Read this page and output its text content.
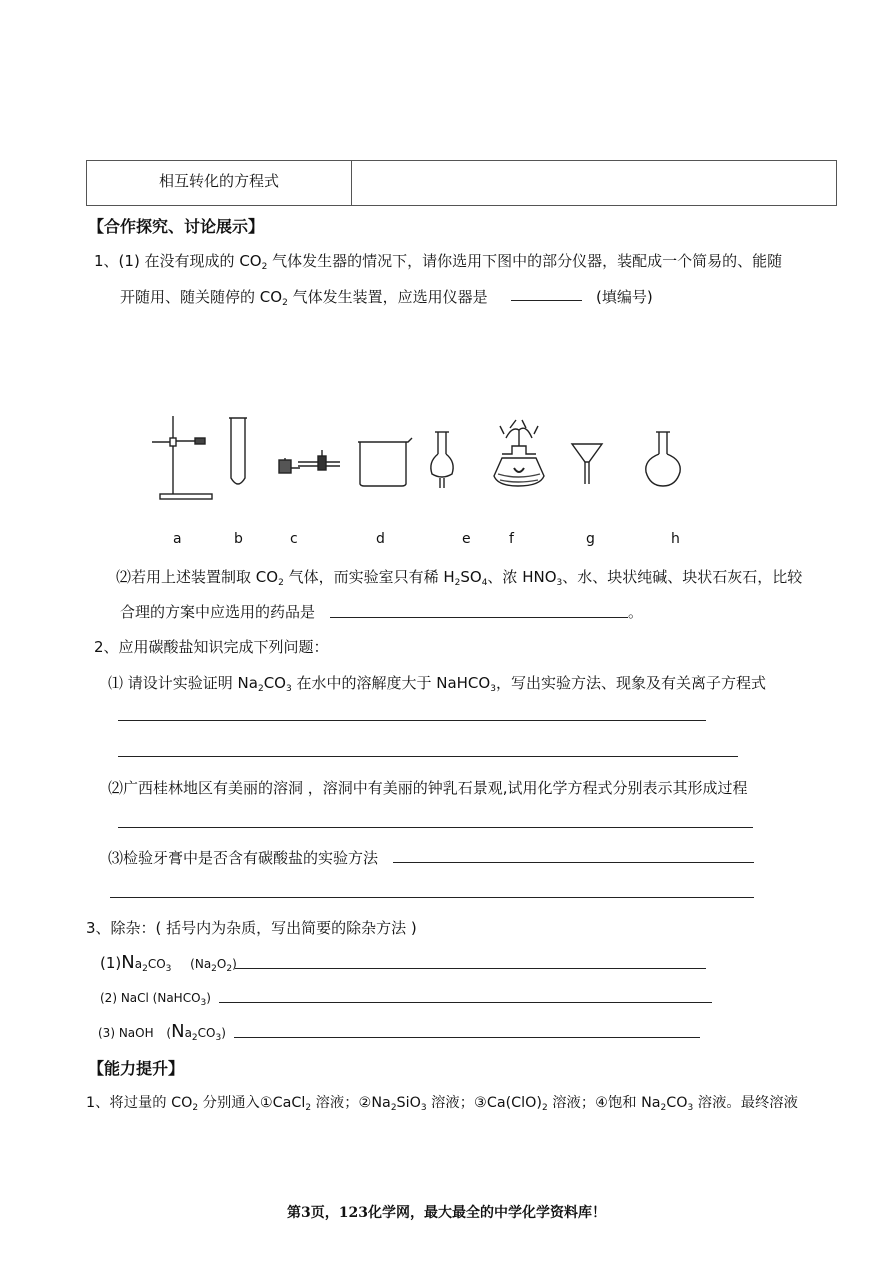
相互转化的方程式	
【合作探究、讨论展示】
1、(1) 在没有现成的 $CO_2$ 气体发生器的情况下，请你选用下图中的部分仪器，装配成一个简易的、能随
开随用、随关随停的 $CO_2$ 气体发生装置，应选用仪器是	(填编号)
a	b	c	d	e	f	g	h
⑵若用上述装置制取 $CO_2$ 气体，而实验室只有稀 $H_2SO_4$、浓 $HNO_3$、水、块状纯碱、块状石灰石，比较
合理的方案中应选用的药品是	。
2、应用碳酸盐知识完成下列问题：
⑴ 请设计实验证明 $Na_2CO_3$ 在水中的溶解度大于 NaHCO$_3$，写出实验方法、现象及有关离子方程式
⑵广西桂林地区有美丽的溶洞 ，溶洞中有美丽的钟乳石景观,试用化学方程式分别表示其形成过程
⑶检验牙膏中是否含有碳酸盐的实验方法
3、除杂：( 括号内为杂质，写出简要的除杂方法 )
$(1)Na_2CO_3$ $(Na_2O_2)$
(2) NaCl (NaHCO$_3$)
(3) NaOH $(Na_2CO_3)$
【能力提升】
1、将过量的 $CO_2$ 分别通入①CaCl$_2$ 溶液；$②Na_2SiO_3$ 溶液；$③Ca(ClO)_2$ 溶液；④饱和 $Na_2CO_3$ 溶液。最终溶液
第3页，123化学网，最大最全的中学化学资料库！
